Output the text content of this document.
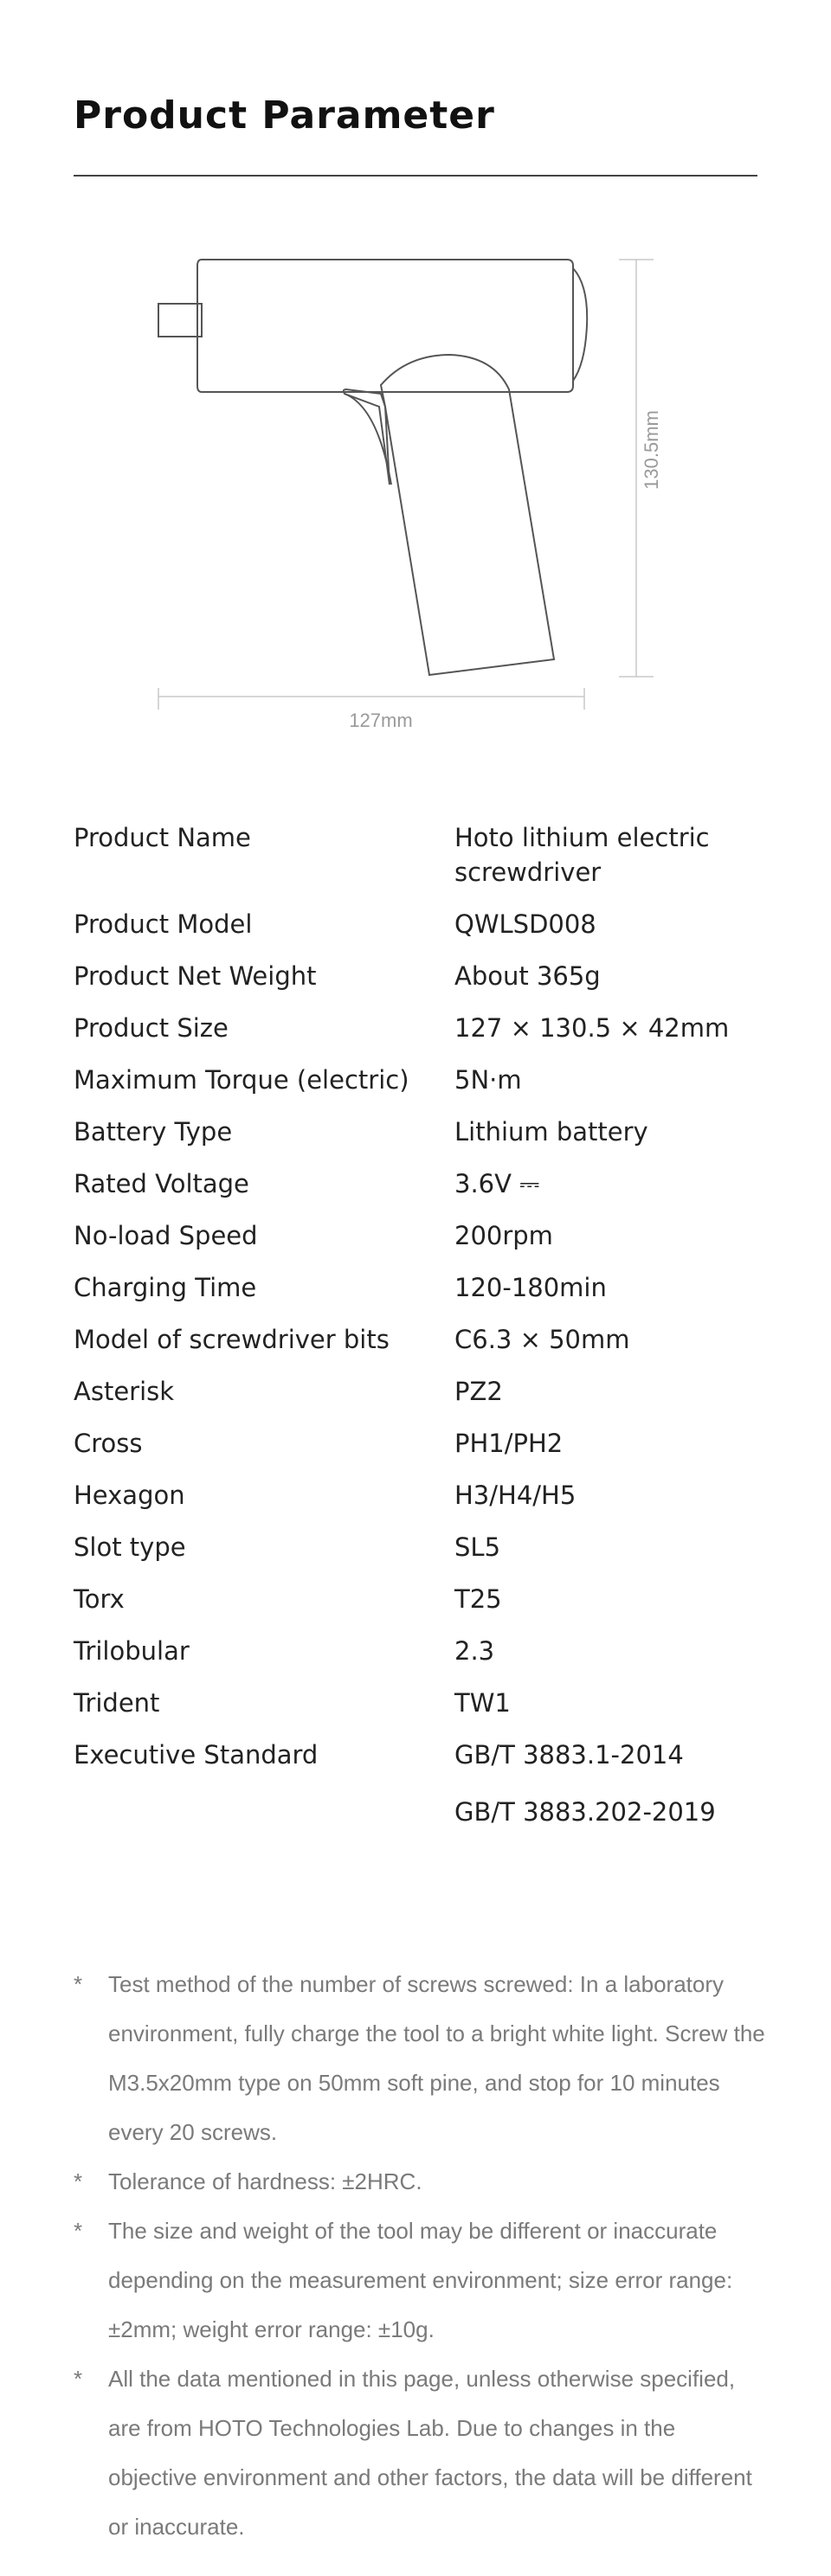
Product Parameter
130.5mm
127mm
Product Name	Hoto lithium electric screwdriver
Product Model	QWLSD008
Product Net Weight	About 365g
Product Size	127 × 130.5 × 42mm
Maximum Torque (electric)	5N·m
Battery Type	Lithium battery
Rated Voltage	3.6V ⎓
No-load Speed	200rpm
Charging Time	120-180min
Model of screwdriver bits	C6.3 × 50mm
Asterisk	PZ2
Cross	PH1/PH2
Hexagon	H3/H4/H5
Slot type	SL5
Torx	T25
Trilobular	2.3
Trident	TW1
Executive Standard	GB/T 3883.1-2014
GB/T 3883.202-2019
*	Test method of the number of screws screwed: In a laboratory environment, fully charge the tool to a bright white light. Screw the M3.5x20mm type on 50mm soft pine, and stop for 10 minutes every 20 screws.
*	Tolerance of hardness: ±2HRC.
*	The size and weight of the tool may be different or inaccurate depending on the measurement environment; size error range: ±2mm; weight error range: ±10g.
*	All the data mentioned in this page, unless otherwise specified, are from HOTO Technologies Lab. Due to changes in the objective environment and other factors, the data will be different or inaccurate.
